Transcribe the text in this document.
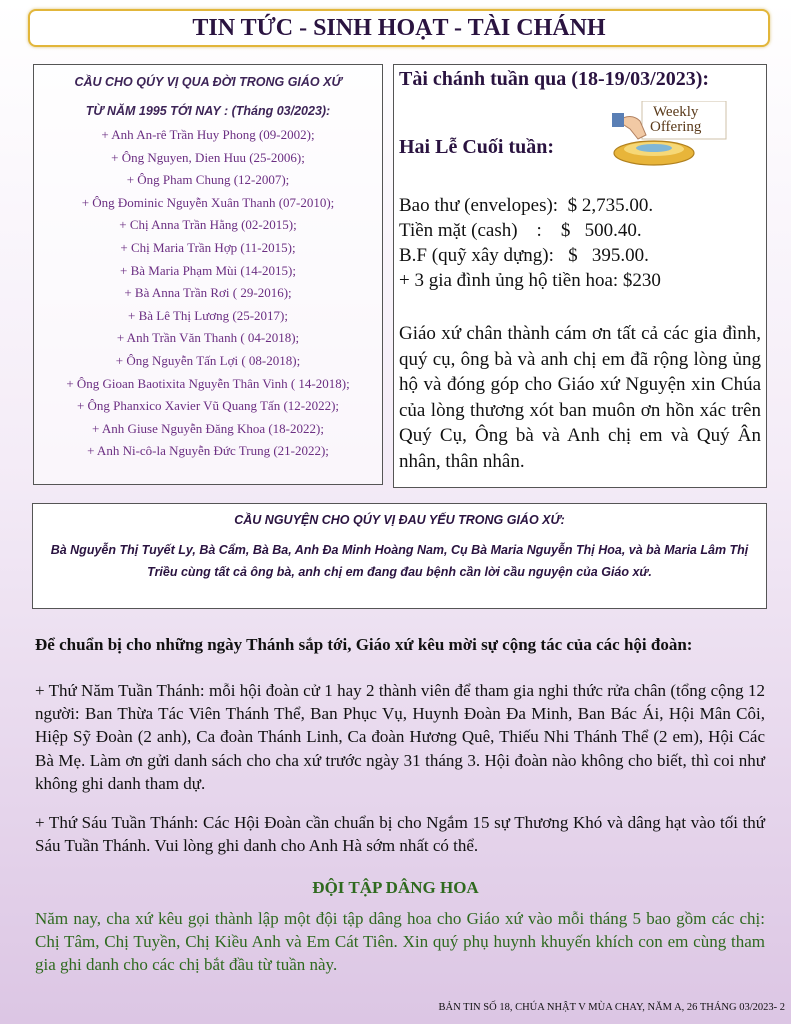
TIN TỨC - SINH HOẠT - TÀI CHÁNH

CẦU CHO QÚY VỊ QUA ĐỜI TRONG GIÁO XỨ

TỪ NĂM 1995 TỚI NAY : (Tháng 03/2023):

+ Anh An-rê Trần Huy Phong (09-2002);

+ Ông Nguyen, Dien Huu (25-2006);

+ Ông Pham Chung (12-2007);

+ Ông Đominic Nguyễn Xuân Thanh (07-2010);

+ Chị Anna Trần Hằng (02-2015);

+ Chị Maria Trần Hợp (11-2015);

+ Bà Maria Phạm Mùi (14-2015);

+ Bà Anna Trần Rơi ( 29-2016);

+ Bà Lê Thị Lương (25-2017);

+ Anh Trần Văn Thanh ( 04-2018);

+ Ông Nguyễn Tấn Lợi ( 08-2018);

+ Ông Gioan Baotixita Nguyễn Thân Vinh ( 14-2018);

+ Ông Phanxico Xavier Vũ Quang Tấn (12-2022);

+ Anh Giuse Nguyễn Đăng Khoa (18-2022);

+ Anh Ni-cô-la Nguyễn Đức Trung (21-2022);

Tài chánh tuần qua (18-19/03/2023):
Hai Lễ Cuối tuần:
Weekly
Offering

Bao thư (envelopes):  $ 2,735.00.

Tiền mặt (cash)    :    $   500.40.

B.F (quỹ xây dựng):   $   395.00.

+ 3 gia đình ủng hộ tiền hoa: $230

Giáo xứ chân thành cám ơn tất cả các gia đình, quý cụ, ông bà và anh chị em đã rộng lòng ủng hộ và đóng góp cho Giáo xứ Nguyện xin Chúa của lòng thương xót ban muôn ơn hồn xác trên Quý Cụ, Ông bà và Anh chị em và Quý Ân nhân, thân nhân.
CẦU NGUYỆN CHO QÚY VỊ ĐAU YẾU TRONG GIÁO XỨ:
Bà Nguyễn Thị Tuyết Ly, Bà Cẩm, Bà Ba, Anh Đa Minh Hoàng Nam, Cụ Bà Maria Nguyễn Thị Hoa, và bà Maria Lâm Thị Triều cùng tất cả ông bà, anh chị em đang đau bệnh cần lời cầu nguyện của Giáo xứ.

Để chuẩn bị cho những ngày Thánh sắp tới, Giáo xứ kêu mời sự cộng tác của các hội đoàn:

+ Thứ Năm Tuần Thánh: mỗi hội đoàn cử 1 hay 2 thành viên để tham gia nghi thức rửa chân (tổng cộng 12 người: Ban Thừa Tác Viên Thánh Thể, Ban Phục Vụ, Huynh Đoàn Đa Minh, Ban Bác Ái, Hội Mân Côi, Hiệp Sỹ Đoàn (2 anh), Ca đoàn Thánh Linh, Ca đoàn Hương Quê, Thiếu Nhi Thánh Thể (2 em), Hội Các Bà Mẹ. Làm ơn gửi danh sách cho cha xứ trước ngày 31 tháng 3. Hội đoàn nào không cho biết, thì coi như không ghi danh tham dự.

+ Thứ Sáu Tuần Thánh: Các Hội Đoàn cần chuẩn bị cho Ngắm 15 sự Thương Khó và dâng hạt vào tối thứ Sáu Tuần Thánh. Vui lòng ghi danh cho Anh Hà sớm nhất có thể.

ĐỘI TẬP DÂNG HOA

Năm nay, cha xứ kêu gọi thành lập một đội tập dâng hoa cho Giáo xứ vào mỗi tháng 5 bao gồm các chị: Chị Tâm, Chị Tuyền, Chị Kiều Anh và Em Cát Tiên. Xin quý phụ huynh khuyến khích con em cùng tham gia ghi danh cho các chị bắt đầu từ tuần này.

BẢN TIN SỐ 18, CHÚA NHẬT V MÙA CHAY, NĂM A, 26 THÁNG 03/2023- 2
